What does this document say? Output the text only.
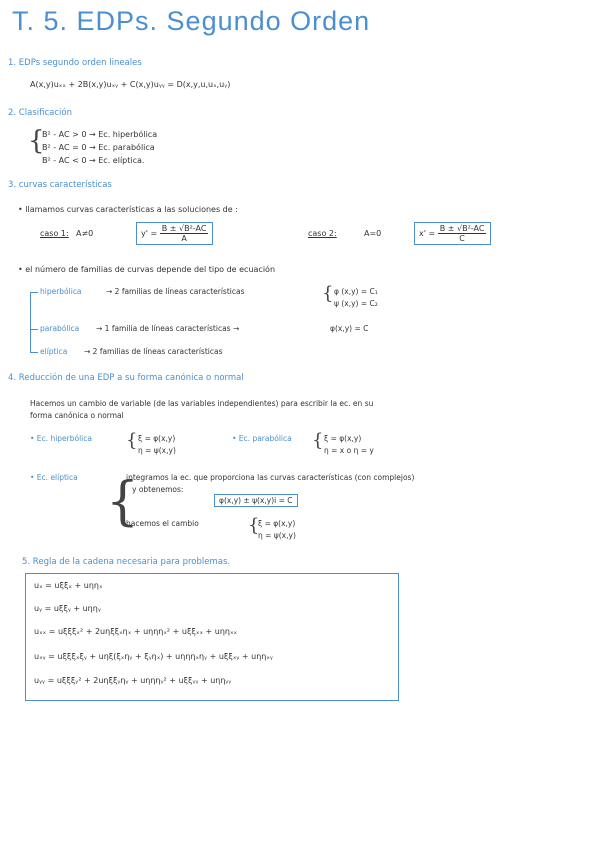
T. 5. EDPs. Segundo Orden
1. EDPs segundo orden lineales
A(x,y)uₓₓ + 2B(x,y)uₓᵧ + C(x,y)uᵧᵧ = D(x,y,u,uₓ,uᵧ)
2. Clasificación
{
B² - AC > 0 → Ec. hiperbólica
B² - AC = 0 → Ec. parabólica
B² - AC < 0 → Ec. elíptica.
3. curvas características
• llamamos curvas características a las soluciones de :
caso 1: A≠0	$y' = \frac{\text{B ± √B²-AC}}{A}$	caso 2:	A=0	$x' = \frac{\text{B ± √B²-AC}}{C}$
• el número de familias de curvas depende del tipo de ecuación
hiperbólica	→ 2 familias de líneas características	{ φ (x,y) = C₁
ψ (x,y) = C₂
parabólica → 1 familia de líneas características →	φ(x,y) = C
elíptica → 2 familias de líneas características
4. Reducción de una EDP a su forma canónica o normal
Hacemos un cambio de variable (de las variables independientes) para escribir la ec. en su
forma canónica o normal
• Ec. hiperbólica { ξ = φ(x,y)
η = ψ(x,y)
• Ec. parabólica { ξ = φ(x,y)
η = x o η = y
• Ec. elíptica {
integramos la ec. que proporciona las curvas características (con complejos)
y obtenemos:
φ(x,y) ± ψ(x,y)i = C
hacemos el cambio	{
ξ = φ(x,y)
η = ψ(x,y)
5. Regla de la cadena necesaria para problemas.
uₓ = uξξₓ + uηηₓ
uᵧ = uξξᵧ + uηηᵧ
uₓₓ = uξξξₓ² + 2uηξξₓηₓ + uηηηₓ² + uξξₓₓ + uηηₓₓ
uₓᵧ = uξξξₓξᵧ + uηξ(ξₓηᵧ + ξᵧηₓ) + uηηηₓηᵧ + uξξₓᵧ + uηηₓᵧ
uᵧᵧ = uξξξᵧ² + 2uηξξᵧηᵧ + uηηηᵧ² + uξξᵧᵧ + uηηᵧᵧ
